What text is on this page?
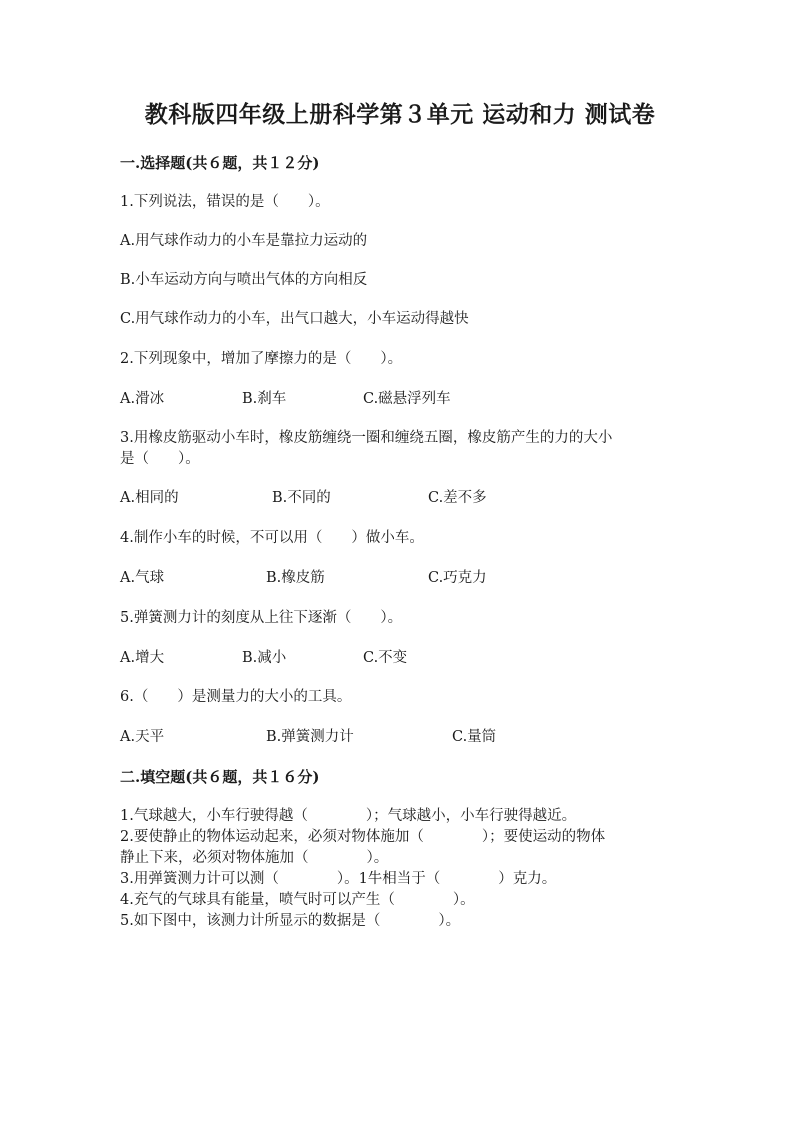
教科版四年级上册科学第３单元 运动和力 测试卷
一.选择题(共６题，共１２分)
1.下列说法，错误的是（　　）。
A.用气球作动力的小车是靠拉力运动的
B.小车运动方向与喷出气体的方向相反
C.用气球作动力的小车，出气口越大，小车运动得越快
2.下列现象中，增加了摩擦力的是（　　）。
A.滑冰	B.刹车	C.磁悬浮列车
3.用橡皮筋驱动小车时，橡皮筋缠绕一圈和缠绕五圈，橡皮筋产生的力的大小
是（　　）。
A.相同的	B.不同的	C.差不多
4.制作小车的时候，不可以用（　　）做小车。
A.气球	B.橡皮筋	C.巧克力
5.弹簧测力计的刻度从上往下逐渐（　　）。
A.增大	B.减小	C.不变
6.（　　）是测量力的大小的工具。
A.天平	B.弹簧测力计	C.量筒
二.填空题(共６题，共１６分)
1.气球越大，小车行驶得越（　　　　）；气球越小，小车行驶得越近。
2.要使静止的物体运动起来，必须对物体施加（　　　　）；要使运动的物体
静止下来，必须对物体施加（　　　　）。
3.用弹簧测力计可以测（　　　　）。1牛相当于（　　　　）克力。
4.充气的气球具有能量，喷气时可以产生（　　　　）。
5.如下图中，该测力计所显示的数据是（　　　　）。
